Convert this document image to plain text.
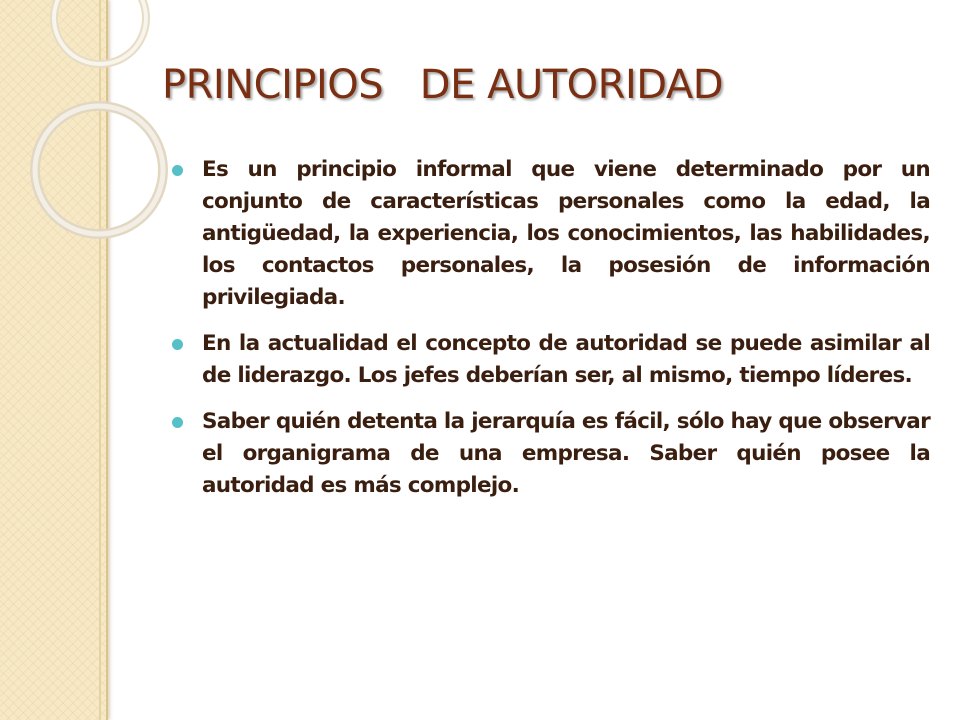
PRINCIPIOS   DE AUTORIDAD
Es un principio informal que viene determinado por un conjunto de características personales como la edad, la antigüedad, la experiencia, los conocimientos, las habilidades, los contactos personales, la posesión de información privilegiada.
En la actualidad el concepto de autoridad se puede asimilar al de liderazgo. Los jefes deberían ser, al mismo, tiempo líderes.
Saber quién detenta la jerarquía es fácil, sólo hay que observar el organigrama de una empresa. Saber quién posee la autoridad es más complejo.
